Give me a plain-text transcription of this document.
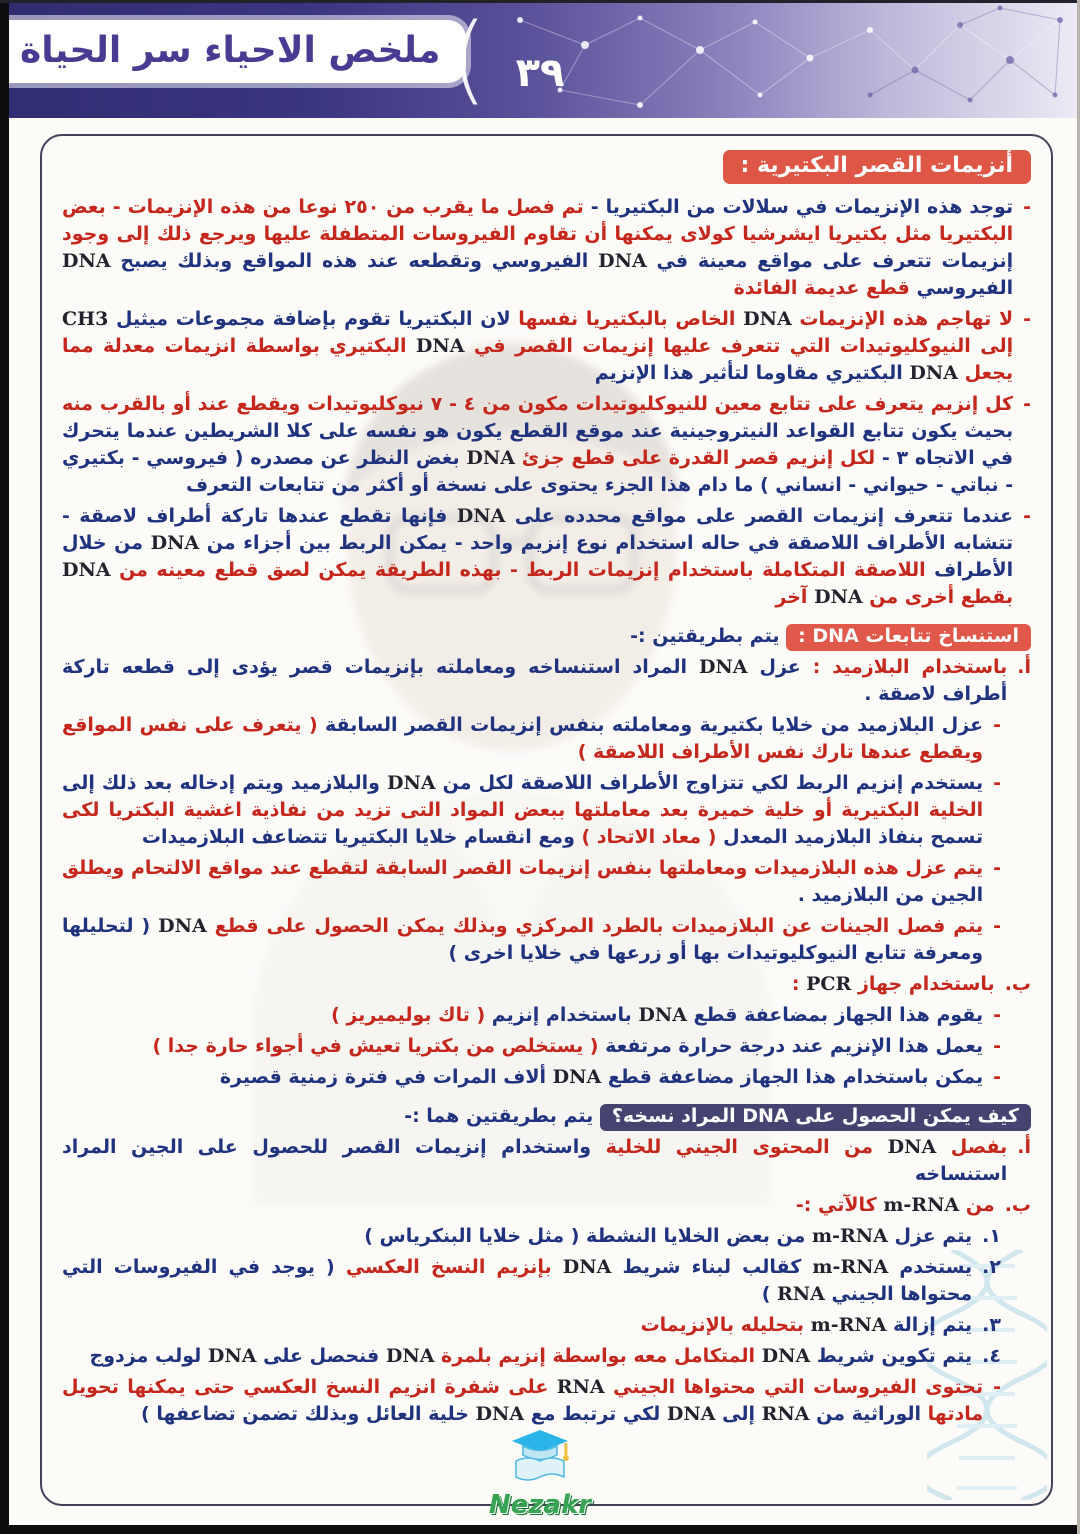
ملخص الاحياء سر الحياة ( ٣٩
أنزيمات القصر البكتيرية :
-
توجد هذه الإنزيمات في سلالات من البكتيريا - تم فصل ما يقرب من ٢٥٠ نوعا من هذه الإنزيمات - بعض البكتيريا مثل بكتيريا ايشرشيا كولاى يمكنها أن تقاوم الفيروسات المتطفلة عليها ويرجع ذلك إلى وجود إنزيمات تتعرف على مواقع معينة في DNA الفيروسي وتقطعه عند هذه المواقع وبذلك يصبح DNA الفيروسي قطع عديمة الفائدة
-
لا تهاجم هذه الإنزيمات DNA الخاص بالبكتيريا نفسها لان البكتيريا تقوم بإضافة مجموعات ميثيل CH3 إلى النيوكليوتيدات التي تتعرف عليها إنزيمات القصر في DNA البكتيري بواسطة انزيمات معدلة مما يجعل DNA البكتيري مقاوما لتأثير هذا الإنزيم
-
كل إنزيم يتعرف على تتابع معين للنيوكليوتيدات مكون من ٤ - ٧ نيوكليوتيدات ويقطع عند أو بالقرب منه بحيث يكون تتابع القواعد النيتروجينية عند موقع القطع يكون هو نفسه على كلا الشريطين عندما يتحرك في الاتجاه ٣ - لكل إنزيم قصر القدرة على قطع جزئ DNA بغض النظر عن مصدره ( فيروسي - بكتيري - نباتي - حيواني - انساني ) ما دام هذا الجزء يحتوى على نسخة أو أكثر من تتابعات التعرف
-
عندما تتعرف إنزيمات القصر على مواقع محدده على DNA فإنها تقطع عندها تاركة أطراف لاصقة - تتشابه الأطراف اللاصقة في حاله استخدام نوع إنزيم واحد - يمكن الربط بين أجزاء من DNA من خلال الأطراف اللاصقة المتكاملة باستخدام إنزيمات الربط - بهذه الطريقة يمكن لصق قطع معينه من DNA بقطع أخرى من DNA آخر
استنساخ تتابعات DNA : يتم بطريقتين :-
أ.
باستخدام البلازميد : عزل DNA المراد استنساخه ومعاملته بإنزيمات قصر يؤدى إلى قطعه تاركة أطراف لاصقة .
-
عزل البلازميد من خلايا بكتيرية ومعاملته بنفس إنزيمات القصر السابقة ( يتعرف على نفس المواقع ويقطع عندها تارك نفس الأطراف اللاصقة )
-
يستخدم إنزيم الربط لكي تتزاوج الأطراف اللاصقة لكل من DNA والبلازميد ويتم إدخاله بعد ذلك إلى الخلية البكتيرية أو خلية خميرة بعد معاملتها ببعض المواد التى تزيد من نفاذية اغشية البكتريا لكى تسمح بنفاذ البلازميد المعدل ( معاد الاتحاد ) ومع انقسام خلايا البكتيريا تتضاعف البلازميدات
-
يتم عزل هذه البلازميدات ومعاملتها بنفس إنزيمات القصر السابقة لتقطع عند مواقع الالتحام ويطلق الجين من البلازميد .
-
يتم فصل الجينات عن البلازميدات بالطرد المركزي وبذلك يمكن الحصول على قطع DNA ( لتحليلها ومعرفة تتابع النيوكليوتيدات بها أو زرعها في خلايا اخرى )
ب.
باستخدام جهاز PCR :
-
يقوم هذا الجهاز بمضاعفة قطع DNA باستخدام إنزيم ( تاك بوليميريز )
-
يعمل هذا الإنزيم عند درجة حرارة مرتفعة ( يستخلص من بكتريا تعيش في أجواء حارة جدا )
-
يمكن باستخدام هذا الجهاز مضاعفة قطع DNA ألاف المرات في فترة زمنية قصيرة
كيف يمكن الحصول على DNA المراد نسخه؟ يتم بطريقتين هما :-
أ.
بفصل DNA من المحتوى الجيني للخلية واستخدام إنزيمات القصر للحصول على الجين المراد استنساخه
ب.
من m-RNA كالآتي :-
١.
يتم عزل m-RNA من بعض الخلايا النشطة ( مثل خلايا البنكرياس )
٢.
يستخدم m-RNA كقالب لبناء شريط DNA بإنزيم النسخ العكسي ( يوجد في الفيروسات التي محتواها الجيني RNA )
٣.
يتم إزالة m-RNA بتحليله بالإنزيمات
٤.
يتم تكوين شريط DNA المتكامل معه بواسطة إنزيم بلمرة DNA فنحصل على DNA لولب مزدوج
-
تحتوى الفيروسات التي محتواها الجيني RNA على شفرة انزيم النسخ العكسي حتى يمكنها تحويل مادتها الوراثية من RNA إلى DNA لكي ترتبط مع DNA خلية العائل وبذلك تضمن تضاعفها )
Nezakr
